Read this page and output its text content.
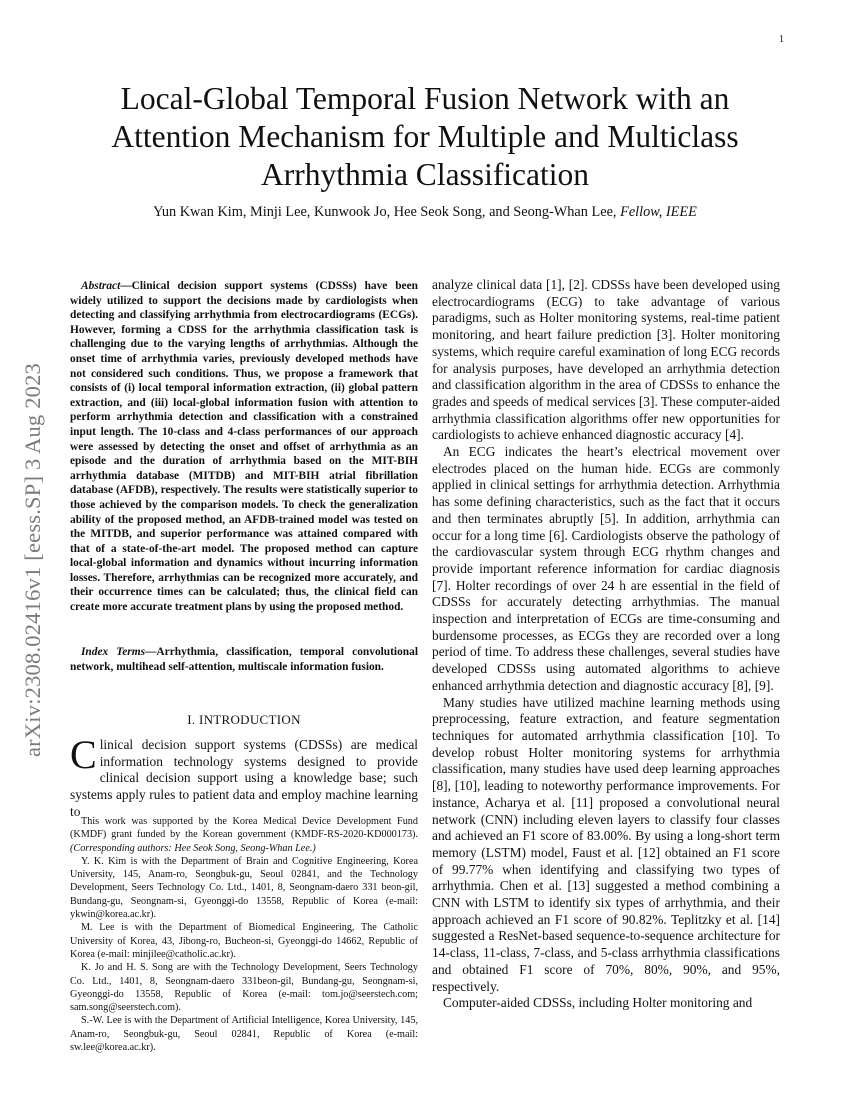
1
arXiv:2308.02416v1 [eess.SP] 3 Aug 2023
Local-Global Temporal Fusion Network with an Attention Mechanism for Multiple and Multiclass Arrhythmia Classification
Yun Kwan Kim, Minji Lee, Kunwook Jo, Hee Seok Song, and Seong-Whan Lee, Fellow, IEEE

Abstract—Clinical decision support systems (CDSSs) have been widely utilized to support the decisions made by cardiologists when detecting and classifying arrhythmia from electrocardiograms (ECGs). However, forming a CDSS for the arrhythmia classification task is challenging due to the varying lengths of arrhythmias. Although the onset time of arrhythmia varies, previously developed methods have not considered such conditions. Thus, we propose a framework that consists of (i) local temporal information extraction, (ii) global pattern extraction, and (iii) local-global information fusion with attention to perform arrhythmia detection and classification with a constrained input length. The 10-class and 4-class performances of our approach were assessed by detecting the onset and offset of arrhythmia as an episode and the duration of arrhythmia based on the MIT-BIH arrhythmia database (MITDB) and MIT-BIH atrial fibrillation database (AFDB), respectively. The results were statistically superior to those achieved by the comparison models. To check the generalization ability of the proposed method, an AFDB-trained model was tested on the MITDB, and superior performance was attained compared with that of a state-of-the-art model. The proposed method can capture local-global information and dynamics without incurring information losses. Therefore, arrhythmias can be recognized more accurately, and their occurrence times can be calculated; thus, the clinical field can create more accurate treatment plans by using the proposed method.

Index Terms—Arrhythmia, classification, temporal convolutional network, multihead self-attention, multiscale information fusion.

I. INTRODUCTION
Clinical decision support systems (CDSSs) are medical information technology systems designed to provide clinical decision support using a knowledge base; such systems apply rules to patient data and employ machine learning to

This work was supported by the Korea Medical Device Development Fund (KMDF) grant funded by the Korean government (KMDF-RS-2020-KD000173). (Corresponding authors: Hee Seok Song, Seong-Whan Lee.)

Y. K. Kim is with the Department of Brain and Cognitive Engineering, Korea University, 145, Anam-ro, Seongbuk-gu, Seoul 02841, and the Technology Development, Seers Technology Co. Ltd., 1401, 8, Seongnam-daero 331 beon-gil, Bundang-gu, Seongnam-si, Gyeonggi-do 13558, Republic of Korea (e-mail: ykwin@korea.ac.kr).

M. Lee is with the Department of Biomedical Engineering, The Catholic University of Korea, 43, Jibong-ro, Bucheon-si, Gyeonggi-do 14662, Republic of Korea (e-mail: minjilee@catholic.ac.kr).

K. Jo and H. S. Song are with the Technology Development, Seers Technology Co. Ltd., 1401, 8, Seongnam-daero 331beon-gil, Bundang-gu, Seongnam-si, Gyeonggi-do 13558, Republic of Korea (e-mail: tom.jo@seerstech.com; sam.song@seerstech.com).

S.-W. Lee is with the Department of Artificial Intelligence, Korea University, 145, Anam-ro, Seongbuk-gu, Seoul 02841, Republic of Korea (e-mail: sw.lee@korea.ac.kr).

analyze clinical data [1], [2]. CDSSs have been developed using electrocardiograms (ECG) to take advantage of various paradigms, such as Holter monitoring systems, real-time patient monitoring, and heart failure prediction [3]. Holter monitoring systems, which require careful examination of long ECG records for analysis purposes, have developed an arrhythmia detection and classification algorithm in the area of CDSSs to enhance the grades and speeds of medical services [3]. These computer-aided arrhythmia classification algorithms offer new opportunities for cardiologists to achieve enhanced diagnostic accuracy [4].

An ECG indicates the heart’s electrical movement over electrodes placed on the human hide. ECGs are commonly applied in clinical settings for arrhythmia detection. Arrhythmia has some defining characteristics, such as the fact that it occurs and then terminates abruptly [5]. In addition, arrhythmia can occur for a long time [6]. Cardiologists observe the pathology of the cardiovascular system through ECG rhythm changes and provide important reference information for cardiac diagnosis [7]. Holter recordings of over 24 h are essential in the field of CDSSs for accurately detecting arrhythmias. The manual inspection and interpretation of ECGs are time-consuming and burdensome processes, as ECGs they are recorded over a long period of time. To address these challenges, several studies have developed CDSSs using automated algorithms to achieve enhanced arrhythmia detection and diagnostic accuracy [8], [9].

Many studies have utilized machine learning methods using preprocessing, feature extraction, and feature segmentation techniques for automated arrhythmia classification [10]. To develop robust Holter monitoring systems for arrhythmia classification, many studies have used deep learning approaches [8], [10], leading to noteworthy performance improvements. For instance, Acharya et al. [11] proposed a convolutional neural network (CNN) including eleven layers to classify four classes and achieved an F1 score of 83.00%. By using a long-short term memory (LSTM) model, Faust et al. [12] obtained an F1 score of 99.77% when identifying and classifying two types of arrhythmia. Chen et al. [13] suggested a method combining a CNN with LSTM to identify six types of arrhythmia, and their approach achieved an F1 score of 90.82%. Teplitzky et al. [14] suggested a ResNet-based sequence-to-sequence architecture for 14-class, 11-class, 7-class, and 5-class arrhythmia classifications and obtained F1 score of 70%, 80%, 90%, and 95%, respectively.

Computer-aided CDSSs, including Holter monitoring and
